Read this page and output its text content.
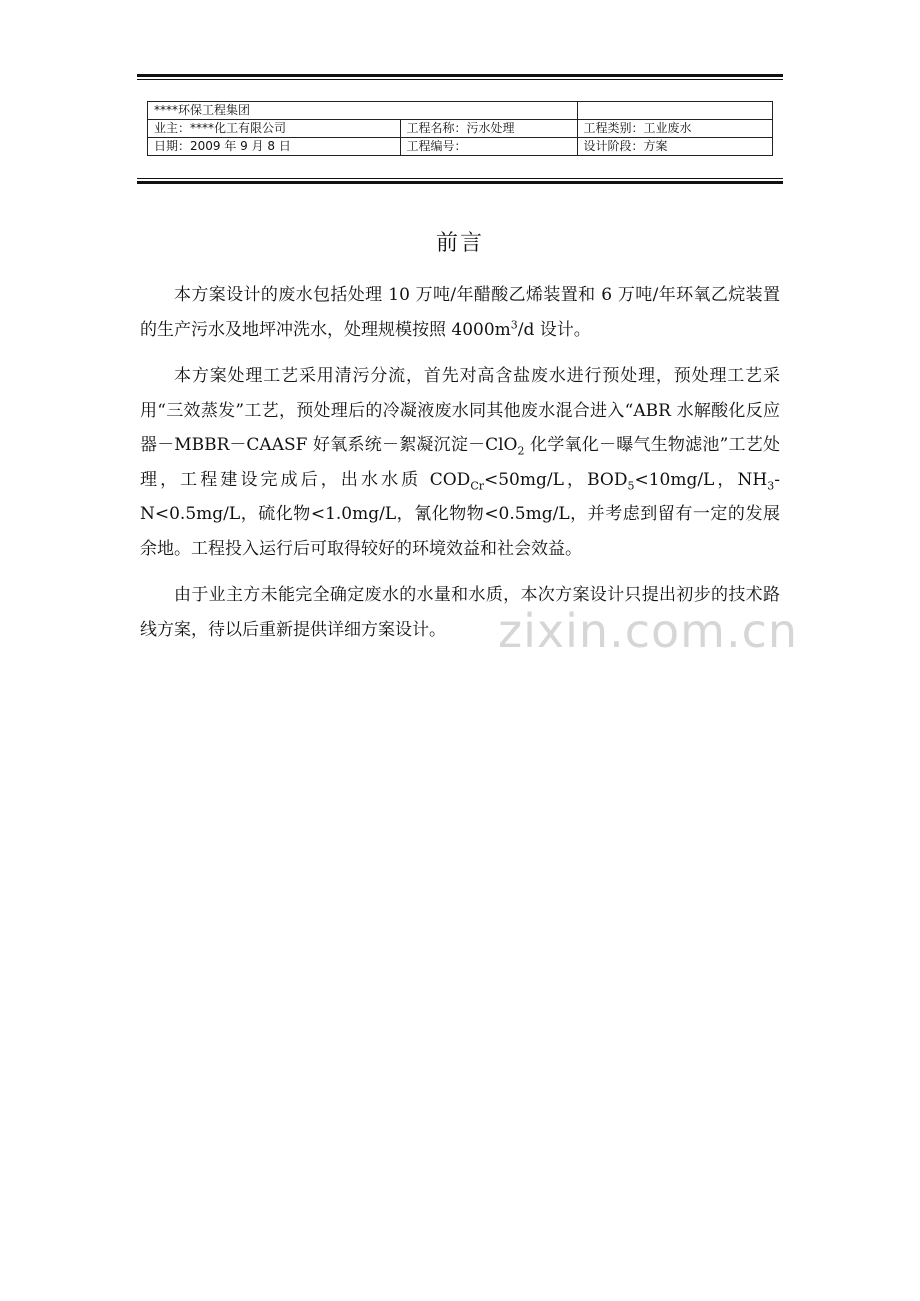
****环保工程集团		
业主：****化工有限公司	工程名称：污水处理	工程类别：工业废水
日期：2009 年 9 月 8 日	工程编号：	设计阶段：方案
前言

本方案设计的废水包括处理 10 万吨/年醋酸乙烯装置和 6 万吨/年环氧乙烷装置的生产污水及地坪冲洗水，处理规模按照 $4000m^3/d$ 设计。

本方案处理工艺采用清污分流，首先对高含盐废水进行预处理，预处理工艺采用“三效蒸发”工艺，预处理后的冷凝液废水同其他废水混合进入“ABR 水解酸化反应器－MBBR－CAASF 好氧系统－絮凝沉淀－ClO$_2$ 化学氧化－曝气生物滤池”工艺处理，工程建设完成后，出水水质 $COD_{Cr}<50mg/L$，$BOD_5<10mg/L$，$NH_3-N<0.5mg/L$，硫化物<1.0mg/L，氰化物物<0.5mg/L，并考虑到留有一定的发展余地。工程投入运行后可取得较好的环境效益和社会效益。

由于业主方未能完全确定废水的水量和水质，本次方案设计只提出初步的技术路线方案，待以后重新提供详细方案设计。	zixin.com.cn
